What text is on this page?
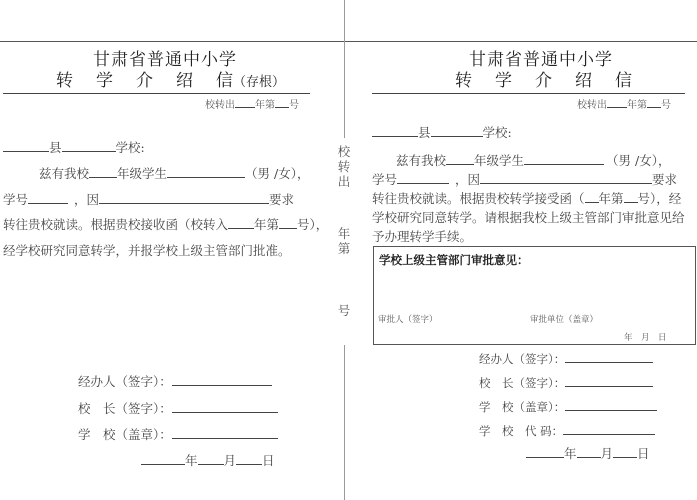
甘肃省普通中小学
转 学 介 绍 信（存根）
校转出 年第 号
县	学校:
兹有我校 年级学生	（男 /女），
学号	，因	要求
转往贵校就读。根据贵校接收函（校转入 年第 号），
经学校研究同意转学，并报学校上级主管部门批准。
经办人（签字）：
校　长（签字）：
学　校（盖章）：
年 月 日
校
转
出
年
第
号
甘肃省普通中小学
转 学 介 绍 信
校转出 年第 号
县	学校:
兹有我校 年级学生	（男 /女），
学号	，因	要求
转往贵校就读。根据贵校转学接受函（ 年第 号），经
学校研究同意转学。请根据我校上级主管部门审批意见给
予办理转学手续。
学校上级主管部门审批意见：
审批人（签字）	审批单位（盖章）
年　月　日
经办人（签字）：
校　长（签字）：
学　校（盖章）：
学　校　代 码：
年 月 日
